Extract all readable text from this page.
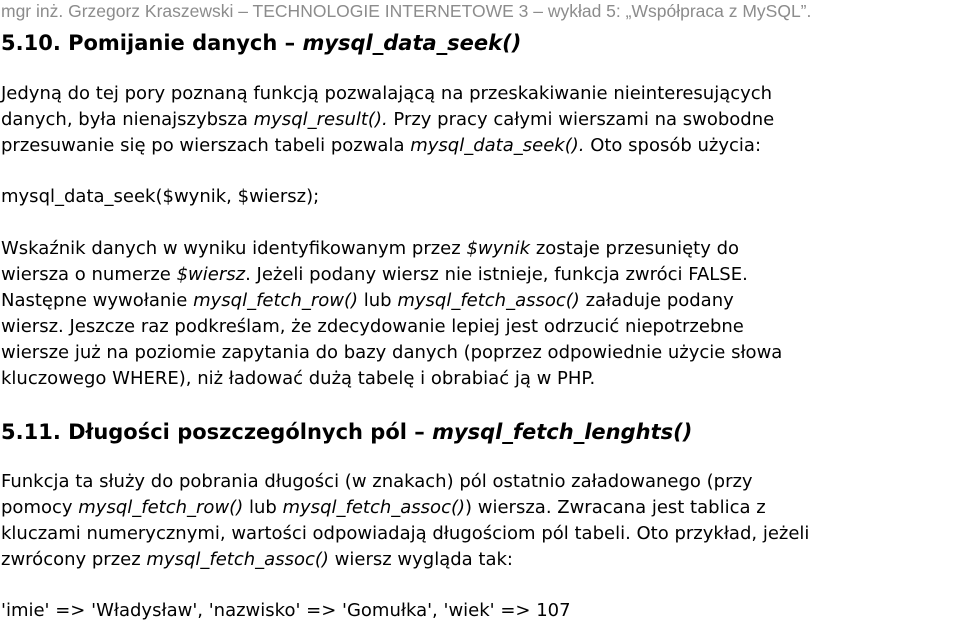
mgr inż. Grzegorz Kraszewski – TECHNOLOGIE INTERNETOWE 3 – wykład 5: „Współpraca z MySQL”.
5.10. Pomijanie danych – mysql_data_seek()
Jedyną do tej pory poznaną funkcją pozwalającą na przeskakiwanie nieinteresujących
danych, była nienajszybsza mysql_result(). Przy pracy całymi wierszami na swobodne
przesuwanie się po wierszach tabeli pozwala mysql_data_seek(). Oto sposób użycia:
mysql_data_seek($wynik, $wiersz);
Wskaźnik danych w wyniku identyfikowanym przez $wynik zostaje przesunięty do
wiersza o numerze $wiersz. Jeżeli podany wiersz nie istnieje, funkcja zwróci FALSE.
Następne wywołanie mysql_fetch_row() lub mysql_fetch_assoc() załaduje podany
wiersz. Jeszcze raz podkreślam, że zdecydowanie lepiej jest odrzucić niepotrzebne
wiersze już na poziomie zapytania do bazy danych (poprzez odpowiednie użycie słowa
kluczowego WHERE), niż ładować dużą tabelę i obrabiać ją w PHP.
5.11. Długości poszczególnych pól – mysql_fetch_lenghts()
Funkcja ta służy do pobrania długości (w znakach) pól ostatnio załadowanego (przy
pomocy mysql_fetch_row() lub mysql_fetch_assoc()) wiersza. Zwracana jest tablica z
kluczami numerycznymi, wartości odpowiadają długościom pól tabeli. Oto przykład, jeżeli
zwrócony przez mysql_fetch_assoc() wiersz wygląda tak:
'imie' => 'Władysław', 'nazwisko' => 'Gomułka', 'wiek' => 107
